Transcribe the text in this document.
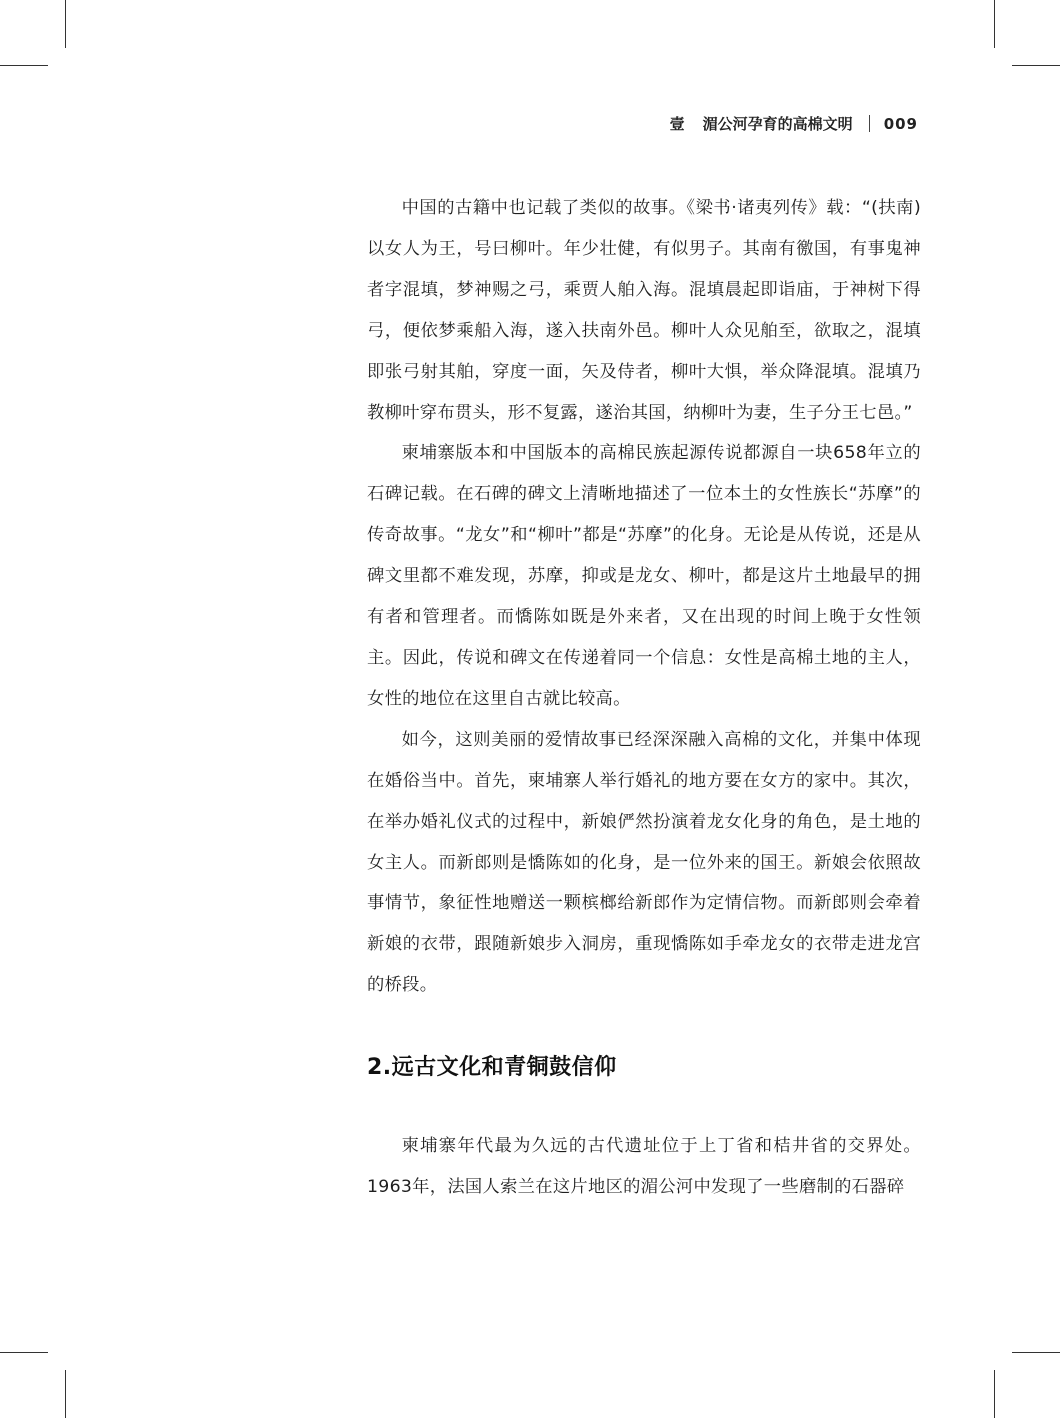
壹 湄公河孕育的高棉文明 009

中国的古籍中也记载了类似的故事。《梁书·诸夷列传》载：“(扶南)以女人为王，号曰柳叶。年少壮健，有似男子。其南有徼国，有事鬼神者字混填，梦神赐之弓，乘贾人舶入海。混填晨起即诣庙，于神树下得弓，便依梦乘船入海，遂入扶南外邑。柳叶人众见舶至，欲取之，混填即张弓射其舶，穿度一面，矢及侍者，柳叶大惧，举众降混填。混填乃教柳叶穿布贯头，形不复露，遂治其国，纳柳叶为妻，生子分王七邑。”

柬埔寨版本和中国版本的高棉民族起源传说都源自一块658年立的石碑记载。在石碑的碑文上清晰地描述了一位本土的女性族长“苏摩”的传奇故事。“龙女”和“柳叶”都是“苏摩”的化身。无论是从传说，还是从碑文里都不难发现，苏摩，抑或是龙女、柳叶，都是这片土地最早的拥有者和管理者。而憍陈如既是外来者，又在出现的时间上晚于女性领主。因此，传说和碑文在传递着同一个信息：女性是高棉土地的主人，女性的地位在这里自古就比较高。

如今，这则美丽的爱情故事已经深深融入高棉的文化，并集中体现在婚俗当中。首先，柬埔寨人举行婚礼的地方要在女方的家中。其次，在举办婚礼仪式的过程中，新娘俨然扮演着龙女化身的角色，是土地的女主人。而新郎则是憍陈如的化身，是一位外来的国王。新娘会依照故事情节，象征性地赠送一颗槟榔给新郎作为定情信物。而新郎则会牵着新娘的衣带，跟随新娘步入洞房，重现憍陈如手牵龙女的衣带走进龙宫的桥段。

2.远古文化和青铜鼓信仰

柬埔寨年代最为久远的古代遗址位于上丁省和桔井省的交界处。1963年，法国人索兰在这片地区的湄公河中发现了一些磨制的石器碎
